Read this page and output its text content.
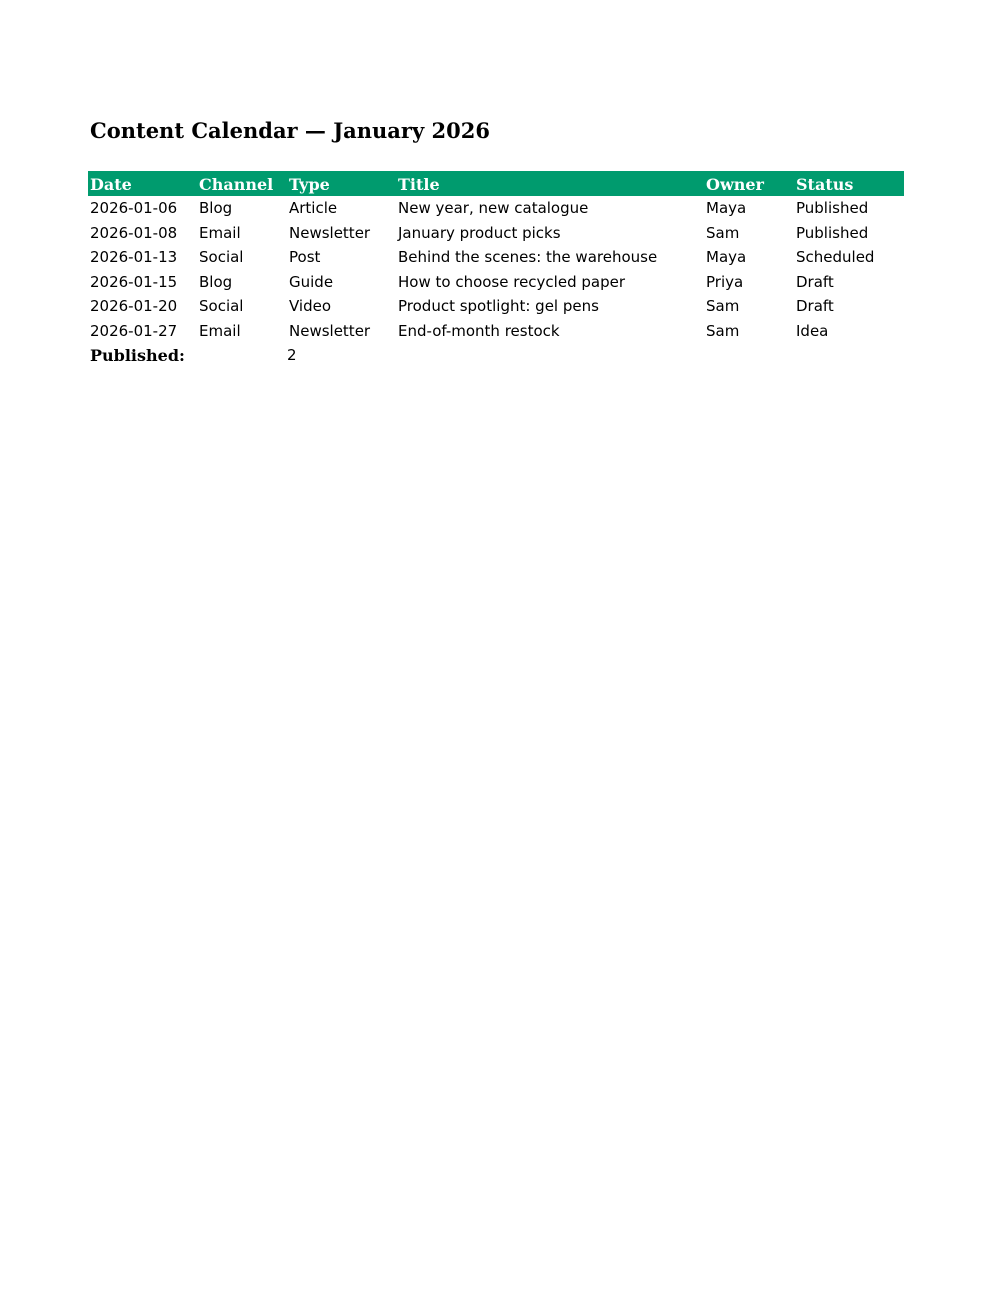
Content Calendar — January 2026
Date	Channel	Type	Title	Owner	Status
2026-01-06	Blog	Article	New year, new catalogue	Maya	Published
2026-01-08	Email	Newsletter	January product picks	Sam	Published
2026-01-13	Social	Post	Behind the scenes: the warehouse	Maya	Scheduled
2026-01-15	Blog	Guide	How to choose recycled paper	Priya	Draft
2026-01-20	Social	Video	Product spotlight: gel pens	Sam	Draft
2026-01-27	Email	Newsletter	End-of-month restock	Sam	Idea
Published:		2			
